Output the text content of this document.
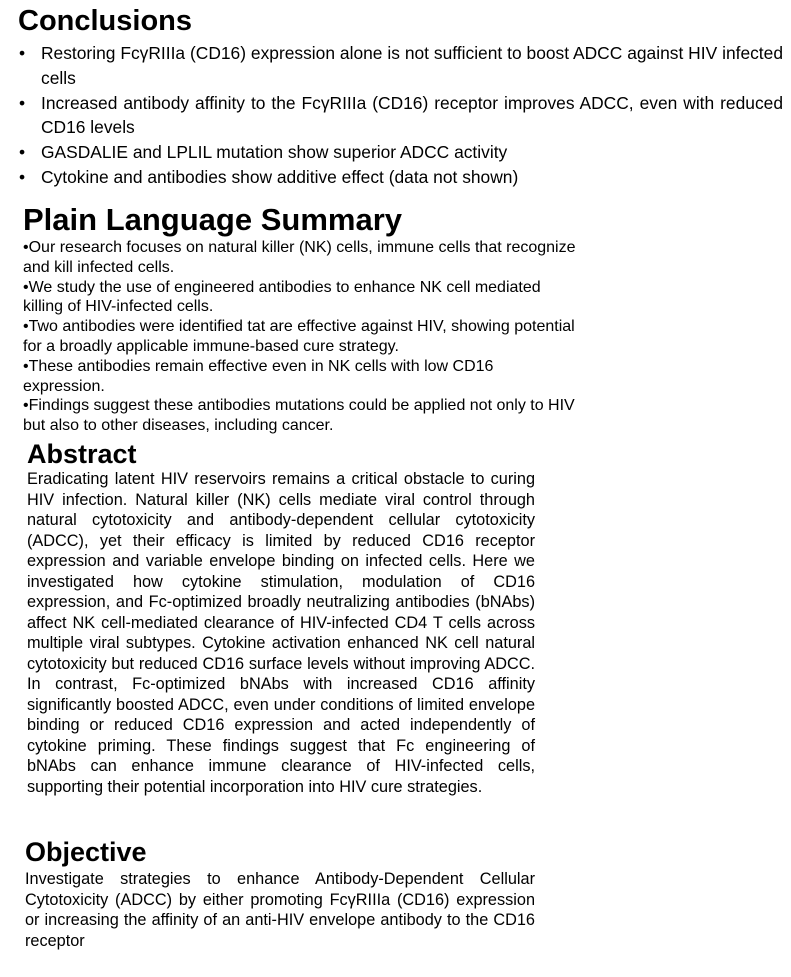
Conclusions
• Restoring FcγRIIIa (CD16) expression alone is not sufficient to boost ADCC against HIV infected cells
• Increased antibody affinity to the FcγRIIIa (CD16) receptor improves ADCC, even with reduced CD16 levels
• GASDALIE and LPLIL mutation show superior ADCC activity
• Cytokine and antibodies show additive effect (data not shown)
Plain Language Summary
•Our research focuses on natural killer (NK) cells, immune cells that recognize
and kill infected cells.
•We study the use of engineered antibodies to enhance NK cell mediated
killing of HIV-infected cells.
•Two antibodies were identified tat are effective against HIV, showing potential
for a broadly applicable immune-based cure strategy.
•These antibodies remain effective even in NK cells with low CD16
expression.
•Findings suggest these antibodies mutations could be applied not only to HIV
but also to other diseases, including cancer.
Abstract

Eradicating latent HIV reservoirs remains a critical obstacle to curing HIV infection. Natural killer (NK) cells mediate viral control through natural cytotoxicity and antibody-dependent cellular cytotoxicity (ADCC), yet their efficacy is limited by reduced CD16 receptor expression and variable envelope binding on infected cells. Here we investigated how cytokine stimulation, modulation of CD16 expression, and Fc-optimized broadly neutralizing antibodies (bNAbs) affect NK cell-mediated clearance of HIV-infected CD4 T cells across multiple viral subtypes. Cytokine activation enhanced NK cell natural cytotoxicity but reduced CD16 surface levels without improving ADCC. In contrast, Fc-optimized bNAbs with increased CD16 affinity significantly boosted ADCC, even under conditions of limited envelope binding or reduced CD16 expression and acted independently of cytokine priming. These findings suggest that Fc engineering of bNAbs can enhance immune clearance of HIV-infected cells, supporting their potential incorporation into HIV cure strategies.

Objective

Investigate strategies to enhance Antibody-Dependent Cellular Cytotoxicity (ADCC) by either promoting FcγRIIIa (CD16) expression or increasing the affinity of an anti-HIV envelope antibody to the CD16 receptor
